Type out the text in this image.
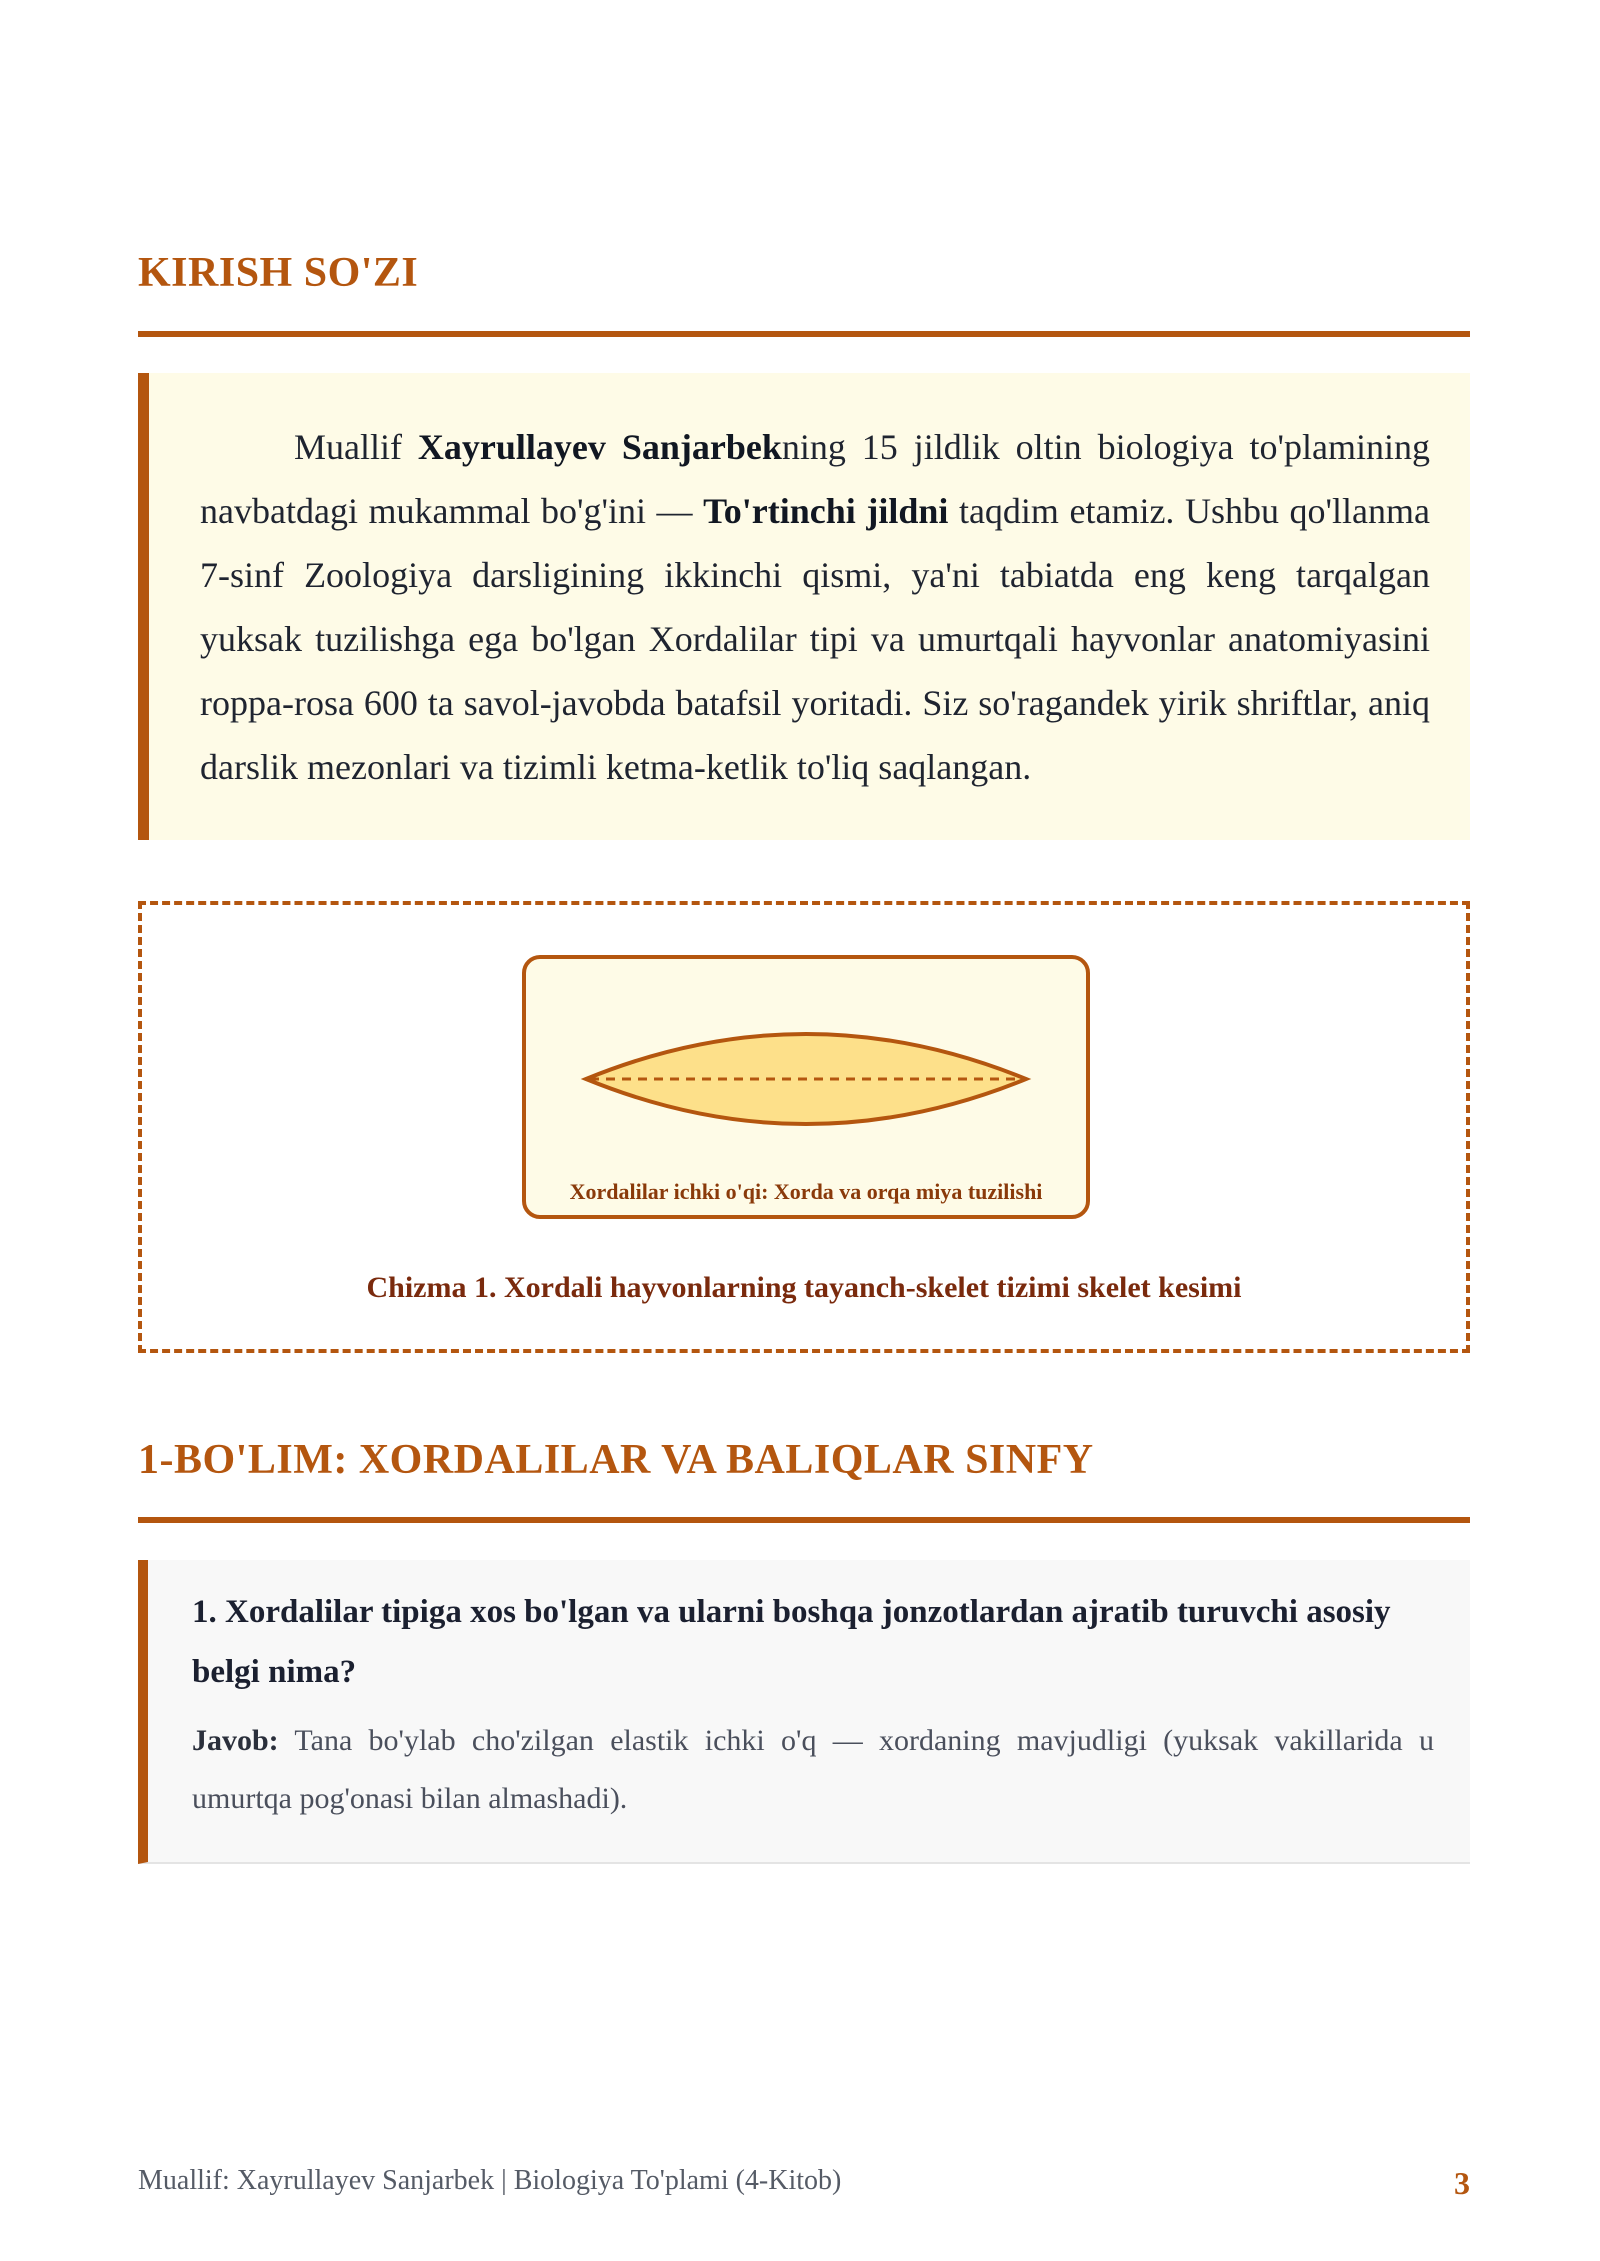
KIRISH SO'ZI

Muallif Xayrullayev Sanjarbekning 15 jildlik oltin biologiya to'plamining navbatdagi mukammal bo'g'ini — To'rtinchi jildni taqdim etamiz. Ushbu qo'llanma 7-sinf Zoologiya darsligining ikkinchi qismi, ya'ni tabiatda eng keng tarqalgan yuksak tuzilishga ega bo'lgan Xordalilar tipi va umurtqali hayvonlar anatomiyasini roppa-rosa 600 ta savol-javobda batafsil yoritadi. Siz so'ragandek yirik shriftlar, aniq darslik mezonlari va tizimli ketma-ketlik to'liq saqlangan.

Xordalilar ichki o'qi: Xorda va orqa miya tuzilishi
Chizma 1. Xordali hayvonlarning tayanch-skelet tizimi skelet kesimi
1-BO'LIM: XORDALILAR VA BALIQLAR SINFY

1. Xordalilar tipiga xos bo'lgan va ularni boshqa jonzotlardan ajratib turuvchi asosiy belgi nima?

Javob: Tana bo'ylab cho'zilgan elastik ichki o'q — xordaning mavjudligi (yuksak vakillarida u umurtqa pog'onasi bilan almashadi).

Muallif: Xayrullayev Sanjarbek | Biologiya To'plami (4-Kitob)	3
